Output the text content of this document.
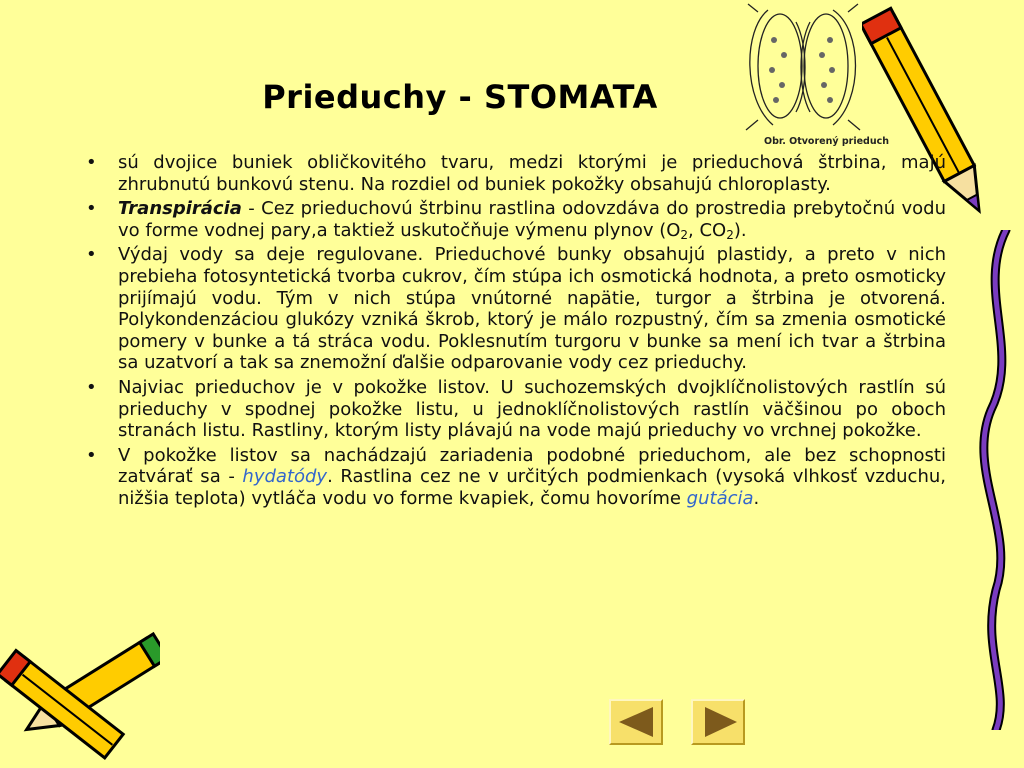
Obr. Otvorený prieduch
Prieduchy - STOMATA
• sú dvojice buniek obličkovitého tvaru, medzi ktorými je prieduchová štrbina, majú zhrubnutú bunkovú stenu. Na rozdiel od buniek pokožky obsahujú chloroplasty.
• Transpirácia - Cez prieduchovú štrbinu rastlina odovzdáva do prostredia prebytočnú vodu vo forme vodnej pary,a taktiež uskutočňuje výmenu plynov ($O_2$, $CO_2$).
• Výdaj vody sa deje regulovane. Prieduchové bunky obsahujú plastidy, a preto v nich prebieha fotosyntetická tvorba cukrov, čím stúpa ich osmotická hodnota, a preto osmoticky prijímajú vodu. Tým v nich stúpa vnútorné napätie, turgor a štrbina je otvorená. Polykondenzáciou glukózy vzniká škrob, ktorý je málo rozpustný, čím sa zmenia osmotické pomery v bunke a tá stráca vodu. Poklesnutím turgoru v bunke sa mení ich tvar a štrbina sa uzatvorí a tak sa znemožní ďalšie odparovanie vody cez prieduchy.
• Najviac prieduchov je v pokožke listov. U suchozemských dvojklíčnolistových rastlín sú prieduchy v spodnej pokožke listu, u jednoklíčnolistových rastlín väčšinou po oboch stranách listu. Rastliny, ktorým listy plávajú na vode majú prieduchy vo vrchnej pokožke.
• V pokožke listov sa nachádzajú zariadenia podobné prieduchom, ale bez schopnosti zatvárať sa - hydatódy. Rastlina cez ne v určitých podmienkach (vysoká vlhkosť vzduchu, nižšia teplota) vytláča vodu vo forme kvapiek, čomu hovoríme gutácia.
